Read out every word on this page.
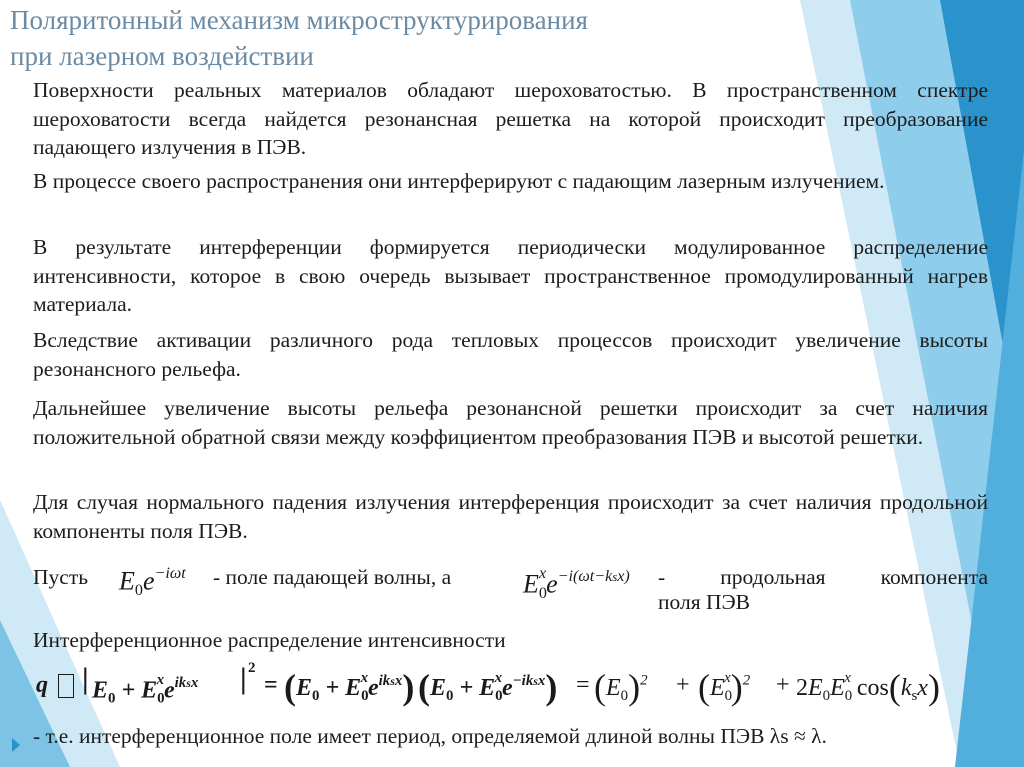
Поляритонный механизм микроструктурирования

при лазерном воздействии

Поверхности реальных материалов обладают шероховатостью. В пространственном спектре шероховатости всегда найдется резонансная решетка на которой происходит преобразование падающего излучения в ПЭВ.

В процессе своего распространения они интерферируют с падающим лазерным излучением.

В результате интерференции формируется периодически модулированное распределение интенсивности, которое в свою очередь вызывает пространственное промодулированный нагрев материала.

Вследствие активации различного рода тепловых процессов происходит увеличение высоты резонансного рельефа.

Дальнейшее увеличение высоты рельефа резонансной решетки происходит за счет наличия положительной обратной связи между коэффициентом преобразования ПЭВ и высотой решетки.

Для случая нормального падения излучения интерференция происходит за счет наличия продольной компоненты поля ПЭВ.

Пусть $E_0e^{-i\omega t}$ - поле падающей волны, а	$E_0^xe^{-i(\omega t-ksx)}$ - продольная компонента
поля ПЭВ

Интерференционное распределение интенсивности

q | $E_0 + E_0^xe^{iksx}$ | 2
= $(E_0 + E_0^xe^{iksx}) (E_0 + E_0^xe^{-iksx}) = (E_0)^2 + (E_0^x)^2 + 2E_0E_0^x$ $\cos(k_sx)$

- т.е. интерференционное поле имеет период, определяемой длиной волны ПЭВ λs ≈ λ.
